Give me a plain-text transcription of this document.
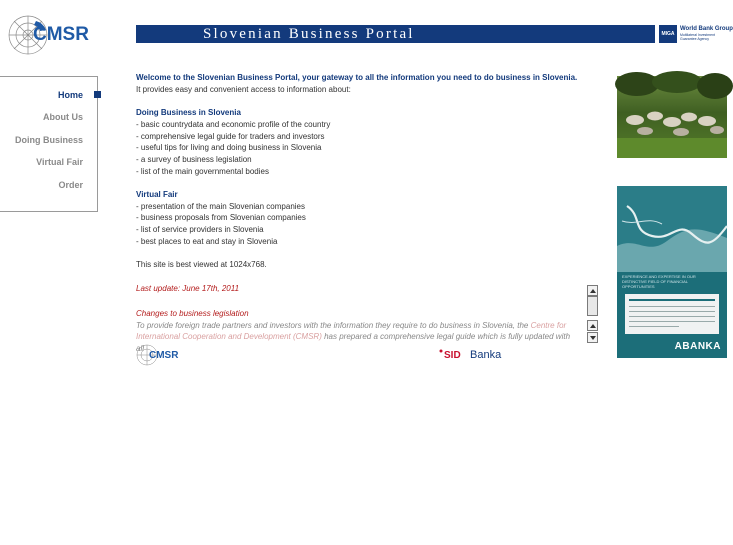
CMSR	Slovenian Business Portal	MIGA
World Bank Group
Multilateral Investment
Guarantee Agency
Home
About Us
Doing Business
Virtual Fair
Order
Welcome to the Slovenian Business Portal, your gateway to all the information you need to do business in Slovenia.
It provides easy and convenient access to information about:
Doing Business in Slovenia
- basic countrydata and economic profile of the country
- comprehensive legal guide for traders and investors
- useful tips for living and doing business in Slovenia
- a survey of business legislation
- list of the main governmental bodies
Virtual Fair
- presentation of the main Slovenian companies
- business proposals from Slovenian companies
- list of service providers in Slovenia
- best places to eat and stay in Slovenia
This site is best viewed at 1024x768.
Last update: June 17th, 2011
Changes to business legislation
To provide foreign trade partners and investors with the information they require to do business in Slovenia, the Centre for International Cooperation and Development (CMSR) has prepared a comprehensive legal guide which is fully updated with all
CMSR	SID Banka
EXPERIENCE AND EXPERTISE IN OUR DISTINCTIVE FIELD OF FINANCIAL OPPORTUNITIES
ABANKA
